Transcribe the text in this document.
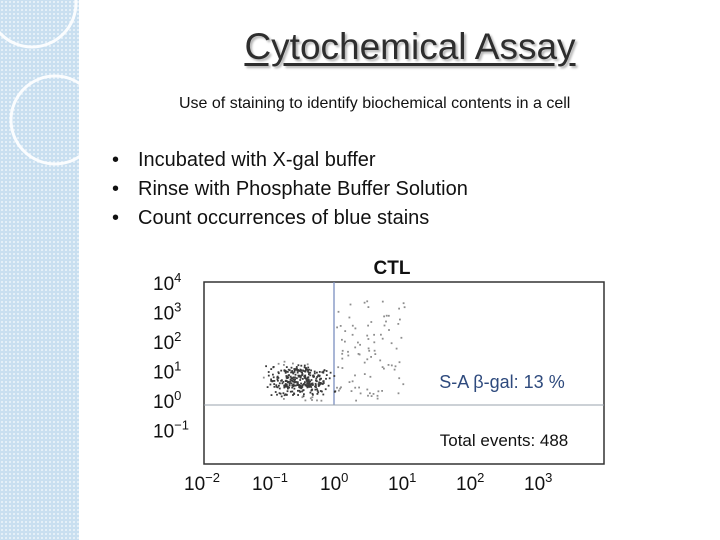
Cytochemical Assay
Use of staining to identify biochemical contents in a cell
• Incubated with X-gal buffer
• Rinse with Phosphate Buffer Solution
• Count occurrences of blue stains
CTL
S-A β-gal: 13 %
Total events: 488
$10^4$
$10^3$
$10^2$
$10^1$
$10^0$
$10^{-1}$
$10^{-2}$ $10^{-1}$ $10^0$ $10^1$ $10^2$ $10^3$
